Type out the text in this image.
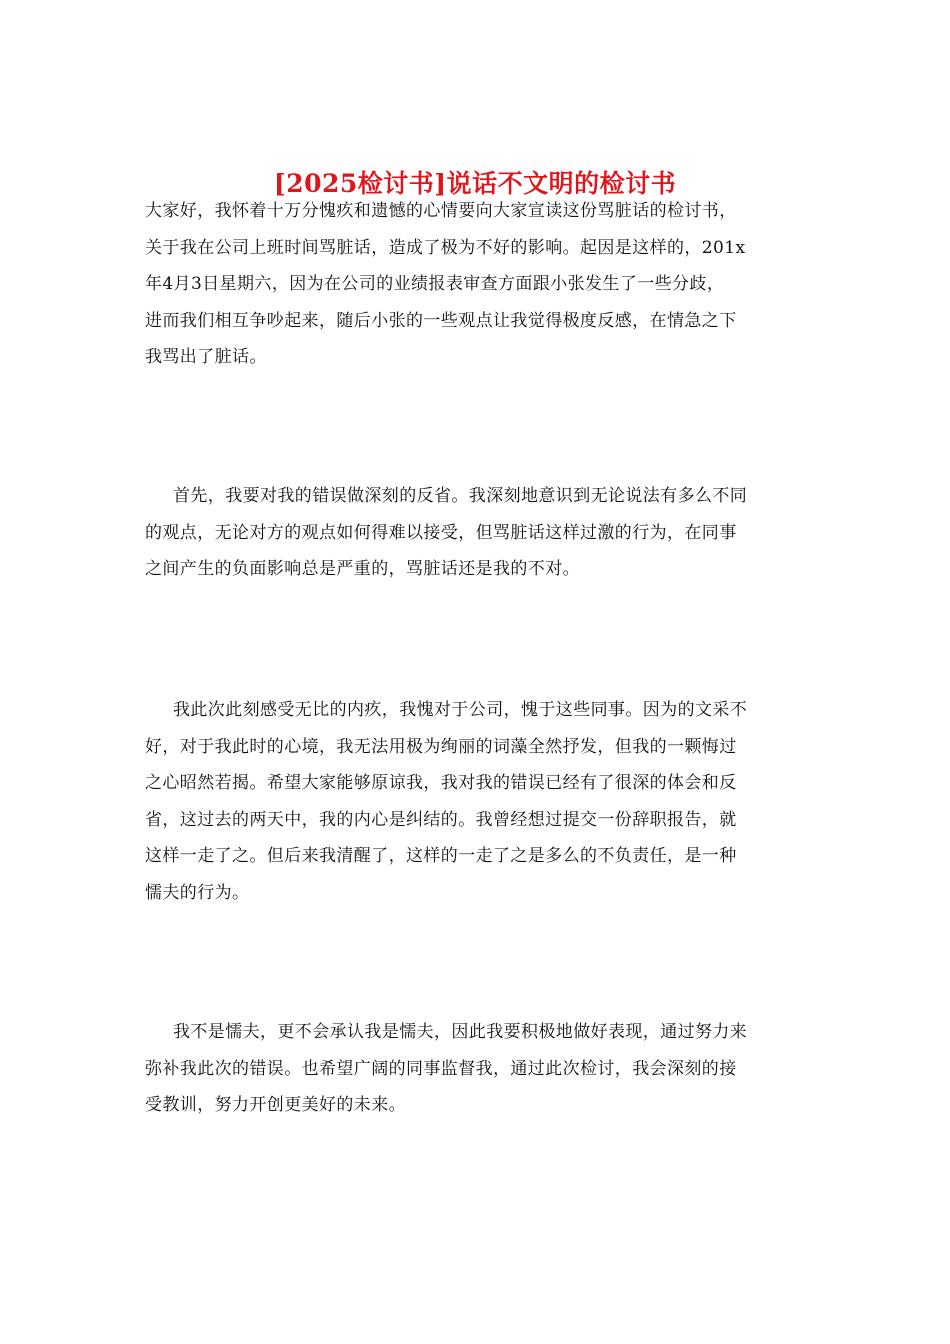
[2025检讨书]说话不文明的检讨书

大家好，我怀着十万分愧疚和遗憾的心情要向大家宣读这份骂脏话的检讨书，
关于我在公司上班时间骂脏话，造成了极为不好的影响。起因是这样的，201x
年4月3日星期六，因为在公司的业绩报表审查方面跟小张发生了一些分歧，
进而我们相互争吵起来，随后小张的一些观点让我觉得极度反感，在情急之下
我骂出了脏话。

首先，我要对我的错误做深刻的反省。我深刻地意识到无论说法有多么不同
的观点，无论对方的观点如何得难以接受，但骂脏话这样过激的行为，在同事
之间产生的负面影响总是严重的，骂脏话还是我的不对。

我此次此刻感受无比的内疚，我愧对于公司，愧于这些同事。因为的文采不
好，对于我此时的心境，我无法用极为绚丽的词藻全然抒发，但我的一颗悔过
之心昭然若揭。希望大家能够原谅我，我对我的错误已经有了很深的体会和反
省，这过去的两天中，我的内心是纠结的。我曾经想过提交一份辞职报告，就
这样一走了之。但后来我清醒了，这样的一走了之是多么的不负责任，是一种
懦夫的行为。

我不是懦夫，更不会承认我是懦夫，因此我要积极地做好表现，通过努力来
弥补我此次的错误。也希望广阔的同事监督我，通过此次检讨，我会深刻的接
受教训，努力开创更美好的未来。
